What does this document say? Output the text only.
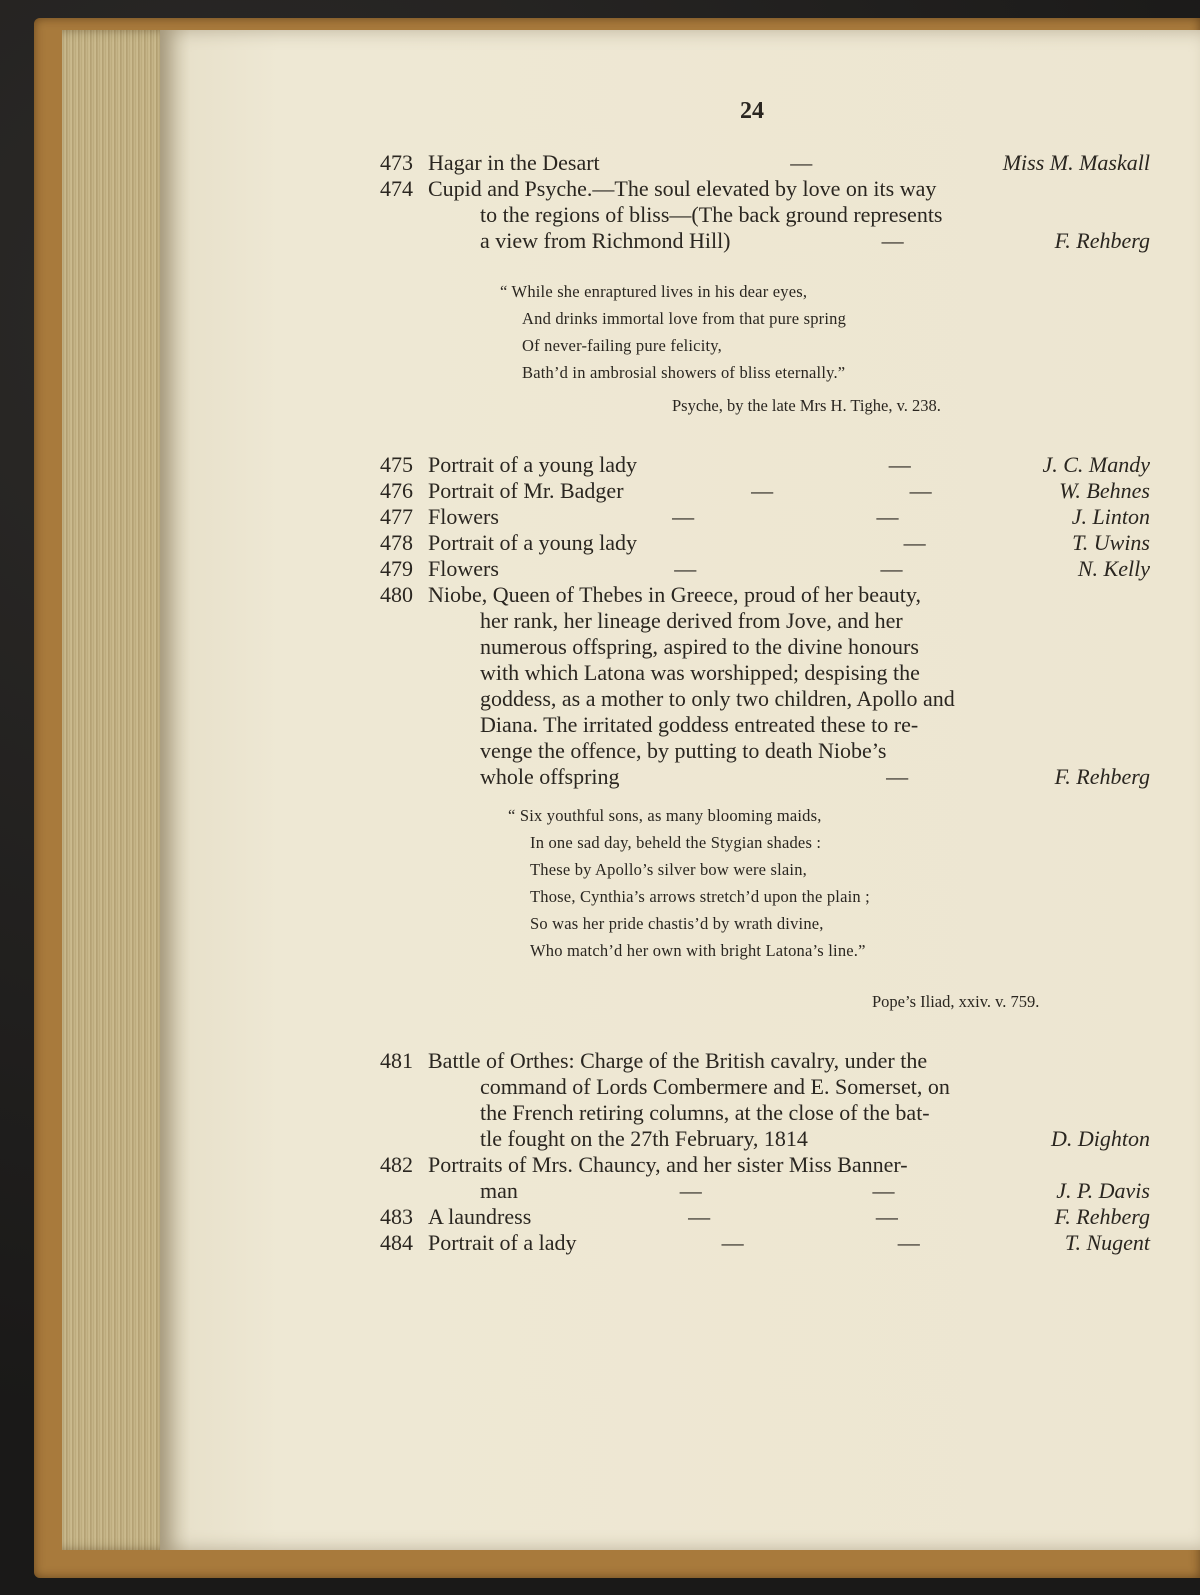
24
473 Hagar in the Desart	—	Miss M. Maskall
474 Cupid and Psyche.—The soul elevated by love on its way
to the regions of bliss—(The back ground represents
a view from Richmond Hill)	—	F. Rehberg
“ While she enraptured lives in his dear eyes,
And drinks immortal love from that pure spring
Of never-failing pure felicity,
Bath’d in ambrosial showers of bliss eternally.”
Psyche, by the late Mrs H. Tighe, v. 238.
475 Portrait of a young lady	—	J. C. Mandy
476 Portrait of Mr. Badger	—	—	W. Behnes
477 Flowers	—	—	J. Linton
478 Portrait of a young lady	—	T. Uwins
479 Flowers	—	—	N. Kelly
480 Niobe, Queen of Thebes in Greece, proud of her beauty,
her rank, her lineage derived from Jove, and her
numerous offspring, aspired to the divine honours
with which Latona was worshipped; despising the
goddess, as a mother to only two children, Apollo and
Diana. The irritated goddess entreated these to re-
venge the offence, by putting to death Niobe’s
whole offspring	—	F. Rehberg
“ Six youthful sons, as many blooming maids,
In one sad day, beheld the Stygian shades :
These by Apollo’s silver bow were slain,
Those, Cynthia’s arrows stretch’d upon the plain ;
So was her pride chastis’d by wrath divine,
Who match’d her own with bright Latona’s line.”
Pope’s Iliad, xxiv. v. 759.
481 Battle of Orthes: Charge of the British cavalry, under the
command of Lords Combermere and E. Somerset, on
the French retiring columns, at the close of the bat-
tle fought on the 27th February, 1814	D. Dighton
482 Portraits of Mrs. Chauncy, and her sister Miss Banner-
man	—	—	J. P. Davis
483 A laundress	—	—	F. Rehberg
484 Portrait of a lady	—	—	T. Nugent
